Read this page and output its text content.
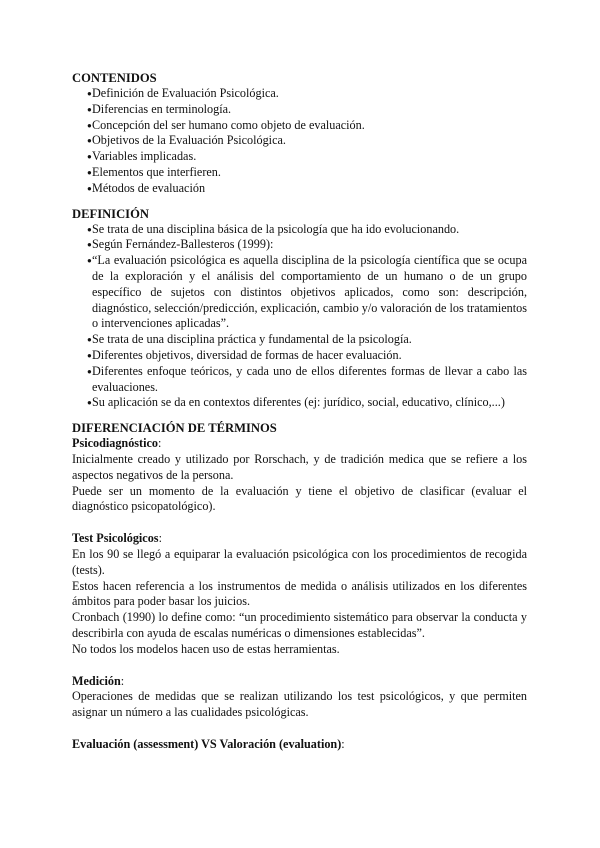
CONTENIDOS
● Definición de Evaluación Psicológica.
● Diferencias en terminología.
● Concepción del ser humano como objeto de evaluación.
● Objetivos de la Evaluación Psicológica.
● Variables implicadas.
● Elementos que interfieren.
● Métodos de evaluación
DEFINICIÓN
● Se trata de una disciplina básica de la psicología que ha ido evolucionando.
● Según Fernández-Ballesteros (1999):
● “La evaluación psicológica es aquella disciplina de la psicología científica que se ocupa de la exploración y el análisis del comportamiento de un humano o de un grupo específico de sujetos con distintos objetivos aplicados, como son: descripción, diagnóstico, selección/predicción, explicación, cambio y/o valoración de los tratamientos o intervenciones aplicadas”.
● Se trata de una disciplina práctica y fundamental de la psicología.
● Diferentes objetivos, diversidad de formas de hacer evaluación.
● Diferentes enfoque teóricos, y cada uno de ellos diferentes formas de llevar a cabo las evaluaciones.
● Su aplicación se da en contextos diferentes (ej: jurídico, social, educativo, clínico,...)
DIFERENCIACIÓN DE TÉRMINOS
Psicodiagnóstico:

Inicialmente creado y utilizado por Rorschach, y de tradición medica que se refiere a los aspectos negativos de la persona.

Puede ser un momento de la evaluación y tiene el objetivo de clasificar (evaluar el diagnóstico psicopatológico).

Test Psicológicos:

En los 90 se llegó a equiparar la evaluación psicológica con los procedimientos de recogida (tests).

Estos hacen referencia a los instrumentos de medida o análisis utilizados en los diferentes ámbitos para poder basar los juicios.

Cronbach (1990) lo define como: “un procedimiento sistemático para observar la conducta y describirla con ayuda de escalas numéricas o dimensiones establecidas”.

No todos los modelos hacen uso de estas herramientas.

Medición:

Operaciones de medidas que se realizan utilizando los test psicológicos, y que permiten asignar un número a las cualidades psicológicas.

Evaluación (assessment) VS Valoración (evaluation):
